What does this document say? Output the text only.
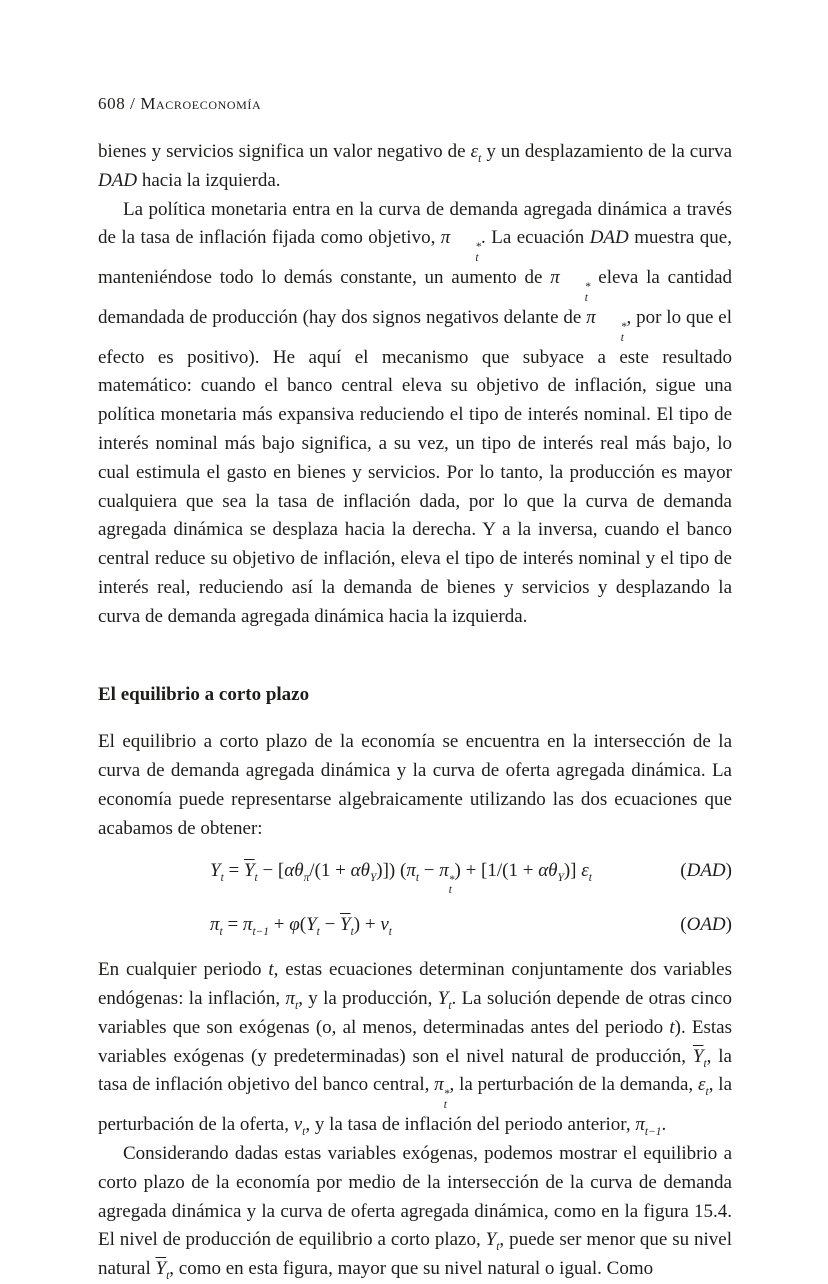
608 / Macroeconomía

bienes y servicios significa un valor negativo de $\varepsilon_t$ y un desplazamiento de la curva DAD hacia la izquierda.

La política monetaria entra en la curva de demanda agregada dinámica a través de la tasa de inflación fijada como objetivo, π	*
t
. La ecuación DAD muestra que, manteniéndose todo lo demás constante, un aumento de π	*
t
eleva la cantidad demandada de producción (hay dos signos negativos delante de π	*
t
, por lo que el efecto es positivo). He aquí el mecanismo que subyace a este resultado matemático: cuando el banco central eleva su objetivo de inflación, sigue una política monetaria más expansiva reduciendo el tipo de interés nominal. El tipo de interés nominal más bajo significa, a su vez, un tipo de interés real más bajo, lo cual estimula el gasto en bienes y servicios. Por lo tanto, la producción es mayor cualquiera que sea la tasa de inflación dada, por lo que la curva de demanda agregada dinámica se desplaza hacia la derecha. Y a la inversa, cuando el banco central reduce su objetivo de inflación, eleva el tipo de interés nominal y el tipo de interés real, reduciendo así la demanda de bienes y servicios y desplazando la curva de demanda agregada dinámica hacia la izquierda.

El equilibrio a corto plazo

El equilibrio a corto plazo de la economía se encuentra en la intersección de la curva de demanda agregada dinámica y la curva de oferta agregada dinámica. La economía puede representarse algebraicamente utilizando las dos ecuaciones que acabamos de obtener:

$Y_t = \overline{Y}_t - [\alpha\theta_\pi/(1 + \alpha\theta_Y)]$) ($\pi_t - \pi$ *
t
) + $[1/(1 + \alpha\theta_Y)]$ $\varepsilon_t$	(DAD)
$\pi_t = \pi_{t-1} + \varphi(Y_t - \overline{Y}_t) + v_t$	(OAD)

En cualquier periodo t, estas ecuaciones determinan conjuntamente dos variables endógenas: la inflación, $\pi_t$, y la producción, $Y_t$. La solución depende de otras cinco variables que son exógenas (o, al menos, determinadas antes del periodo t). Estas variables exógenas (y predeterminadas) son el nivel natural de producción, $\overline{Y}_t$, la tasa de inflación objetivo del banco central, π *
t
, la perturbación de la demanda, $\varepsilon_t$, la perturbación de la oferta, $v_t$, y la tasa de inflación del periodo anterior, $\pi_{t-1}$.

Considerando dadas estas variables exógenas, podemos mostrar el equilibrio a corto plazo de la economía por medio de la intersección de la curva de demanda agregada dinámica y la curva de oferta agregada dinámica, como en la figura 15.4. El nivel de producción de equilibrio a corto plazo, $Y_t$, puede ser menor que su nivel natural $\overline{Y}_t$, como en esta figura, mayor que su nivel natural o igual. Como
